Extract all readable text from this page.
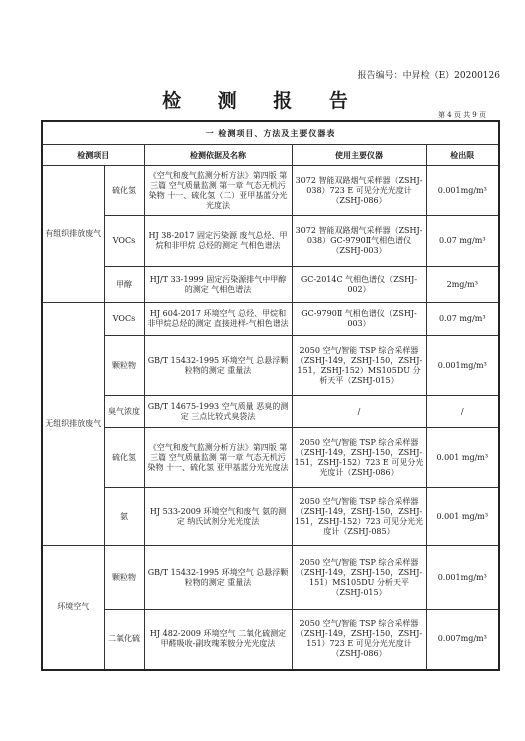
报告编号：中昇检（E）20200126
检 测 报 告
第 4 页 共 9 页
一 检测项目、方法及主要仪器表				
检测项目		检测依据及名称	使用主要仪器	检出限
有组织排放废气	硫化氢	《空气和废气监测分析方法》第四版 第三篇 空气质量监测 第一章 气态无机污染物 十一、硫化氢（二）亚甲基蓝分光光度法	3072 智能双路烟气采样器（ZSHJ-038）723 E 可见分光光度计（ZSHJ-086）	0.001mg/m³
	VOCs	HJ 38-2017 固定污染源 废气总烃、甲烷和非甲烷 总烃的测定 气相色谱法	3072 智能双路烟气采样器（ZSHJ-038）GC-9790Ⅱ气相色谱仪（ZSHJ-003）	0.07 mg/m³
	甲醇	HJ/T 33-1999 固定污染源排气中甲醇的测定 气相色谱法	GC-2014C 气相色谱仪（ZSHJ-002）	2mg/m³
无组织排放废气	VOCs	HJ 604-2017 环境空气 总烃、甲烷和非甲烷总烃的测定 直接进样-气相色谱法	GC-9790Ⅱ 气相色谱仪（ZSHJ-003）	0.07 mg/m³
	颗粒物	GB/T 15432-1995 环境空气 总悬浮颗粒物的测定 重量法	2050 空气/智能 TSP 综合采样器（ZSHJ-149，ZSHJ-150，ZSHJ-151，ZSHJ-152）MS105DU 分析天平（ZSHJ-015）	0.001mg/m³
	臭气浓度	GB/T 14675-1993 空气质量 恶臭的测定 三点比较式臭袋法	/	/
	硫化氢	《空气和废气监测分析方法》第四版 第三篇 空气质量监测 第一章 气态无机污染物 十一、硫化氢 亚甲基蓝分光光度法	2050 空气/智能 TSP 综合采样器（ZSHJ-149，ZSHJ-150，ZSHJ-151，ZSHJ-152）723 E 可见分光光度计（ZSHJ-086）	0.001 mg/m³
	氨	HJ 533-2009 环境空气和废气 氨的测定 纳氏试剂分光光度法	2050 空气/智能 TSP 综合采样器（ZSHJ-149，ZSHJ-150，ZSHJ-151，ZSHJ-152）723 可见分光光度计（ZSHJ-085）	0.001 mg/m³
环境空气	颗粒物	GB/T 15432-1995 环境空气 总悬浮颗粒物的测定 重量法	2050 空气/智能 TSP 综合采样器（ZSHJ-149，ZSHJ-150，ZSHJ-151）MS105DU 分析天平（ZSHJ-015）	0.001mg/m³
	二氧化硫	HJ 482-2009 环境空气 二氧化硫测定 甲醛吸收-副玫瑰苯胺分光光度法	2050 空气/智能 TSP 综合采样器（ZSHJ-149，ZSHJ-150，ZSHJ-151）723 E 可见分光光度计（ZSHJ-086）	0.007mg/m³
